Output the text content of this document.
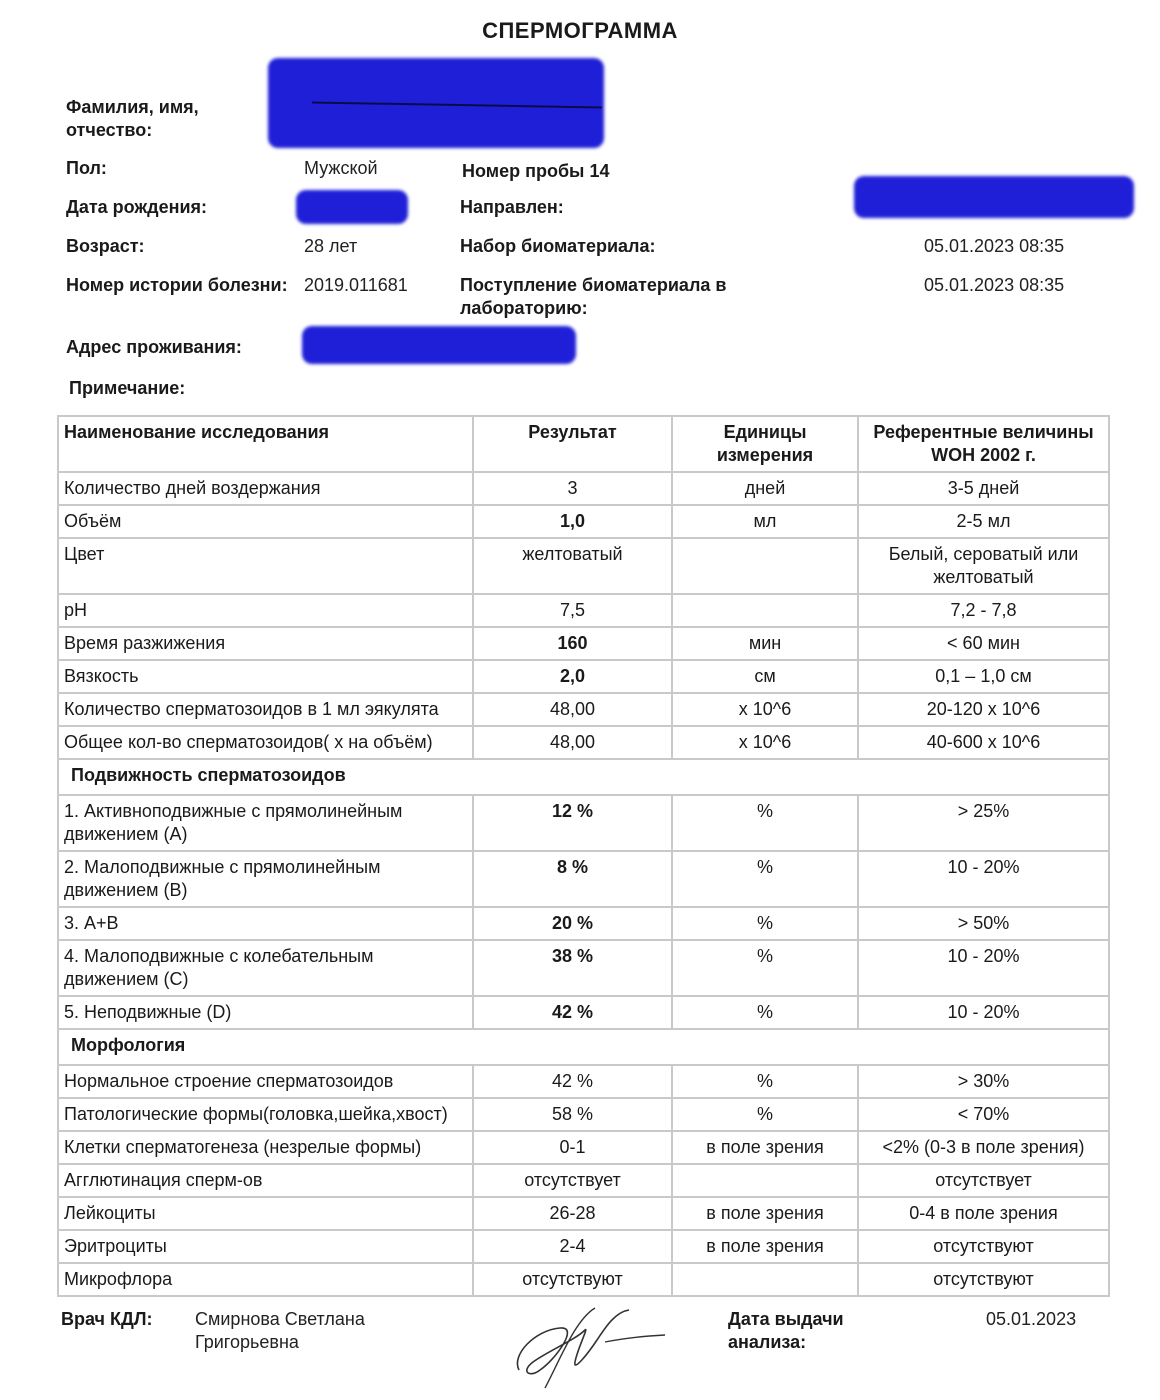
СПЕРМОГРАММА
Фамилия, имя, отчество:
Пол:	Мужской	Номер пробы 14
Дата рождения:	Направлен:
Возраст:	28 лет	Набор биоматериала:	05.01.2023 08:35
Номер истории болезни: 2019.011681	Поступление биоматериала в лабораторию:
05.01.2023 08:35
Адрес проживания:
Примечание:
Наименование исследования	Результат	Единицы измерения	Референтные величины WOH 2002 г.
Количество дней воздержания	3	дней	3-5 дней
Объём	1,0	мл	2-5 мл
Цвет	желтоватый		Белый, сероватый или желтоватый
pH	7,5		7,2 - 7,8
Время разжижения	160	мин	< 60 мин
Вязкость	2,0	см	0,1 – 1,0 см
Количество сперматозоидов в 1 мл эякулята	48,00	x 10^6	20-120 x 10^6
Общее кол-во сперматозоидов( x на объём)	48,00	x 10^6	40-600 x 10^6
Подвижность сперматозоидов			
1. Активноподвижные с прямолинейным движением (А)	12 %	%	> 25%
2. Малоподвижные с прямолинейным движением (В)	8 %	%	10 - 20%
3. А+В	20 %	%	> 50%
4. Малоподвижные с колебательным движением (С)	38 %	%	10 - 20%
5. Неподвижные (D)	42 %	%	10 - 20%
Морфология			
Нормальное строение сперматозоидов	42 %	%	> 30%
Патологические формы(головка,шейка,хвост)	58 %	%	< 70%
Клетки сперматогенеза (незрелые формы)	0-1	в поле зрения	<2% (0-3 в поле зрения)
Агглютинация сперм-ов	отсутствует		отсутствует
Лейкоциты	26-28	в поле зрения	0-4 в поле зрения
Эритроциты	2-4	в поле зрения	отсутствуют
Микрофлора	отсутствуют		отсутствуют
Врач КДЛ: Смирнова Светлана Григорьевна
Дата выдачи анализа:
05.01.2023
